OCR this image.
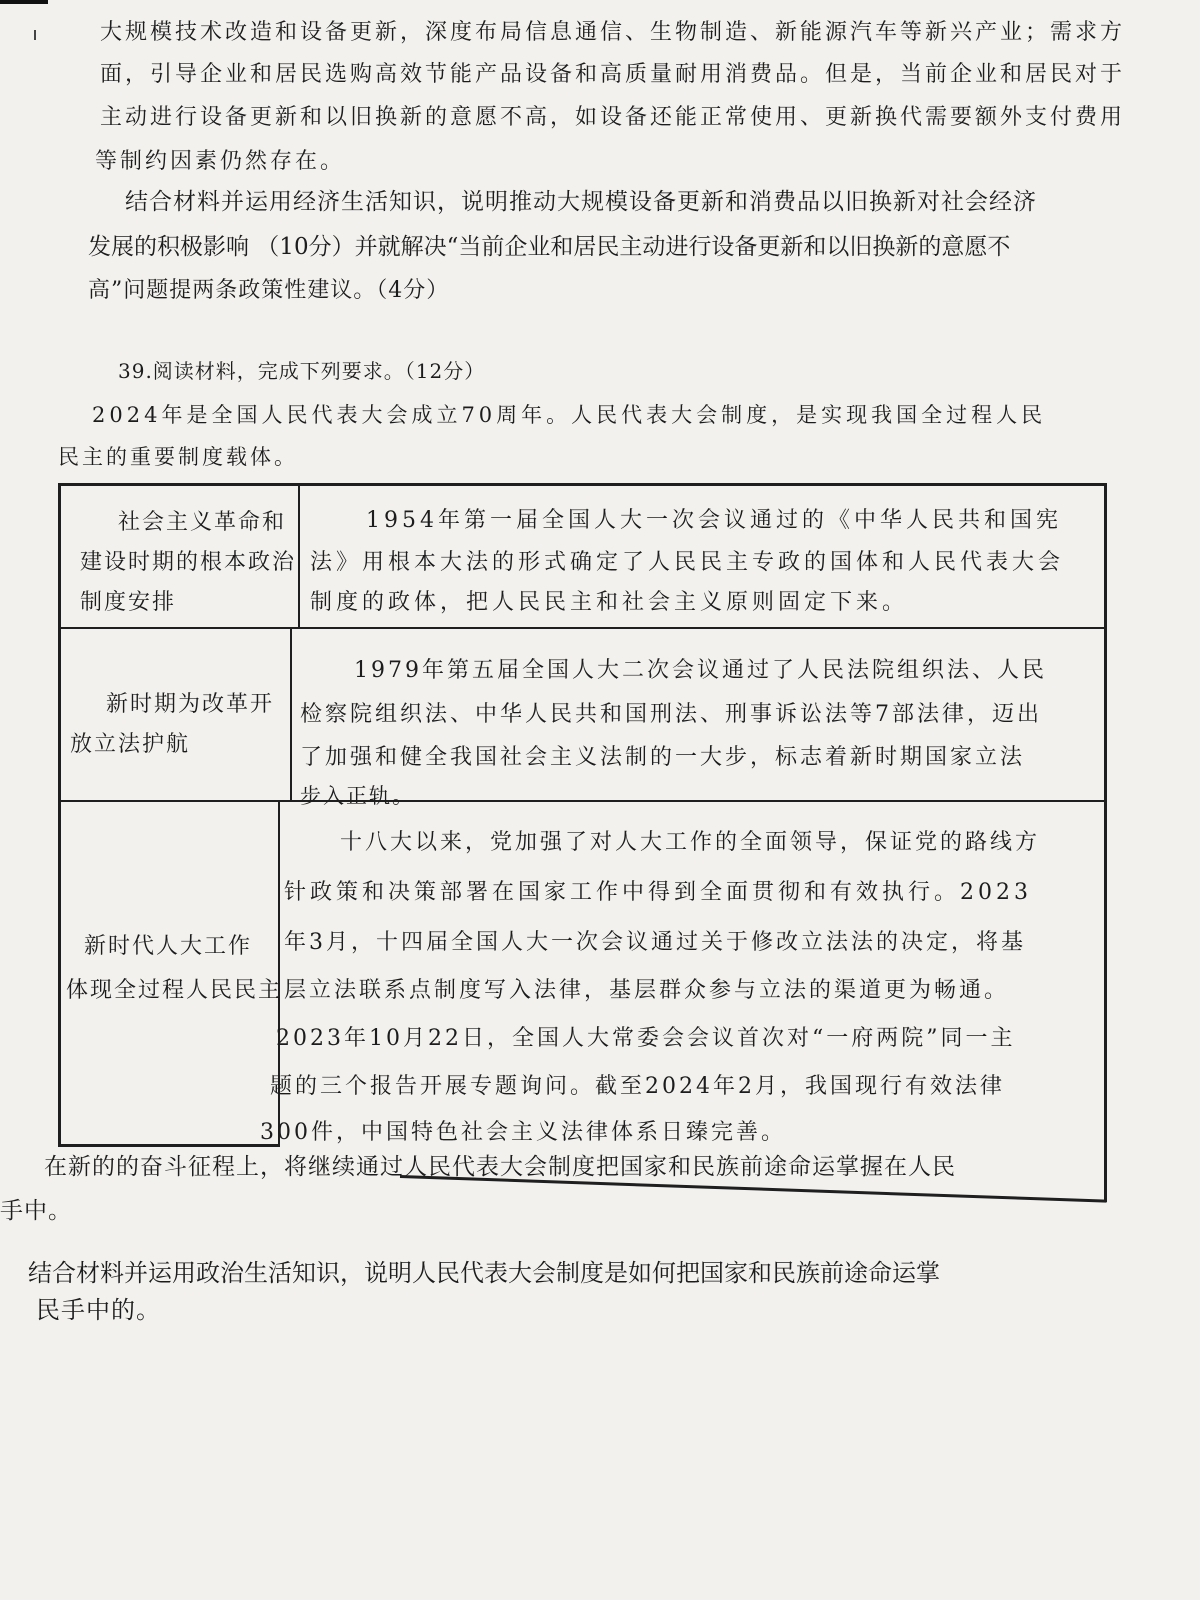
大规模技术改造和设备更新，深度布局信息通信、生物制造、新能源汽车等新兴产业；需求方
面，引导企业和居民选购高效节能产品设备和高质量耐用消费品。但是，当前企业和居民对于
主动进行设备更新和以旧换新的意愿不高，如设备还能正常使用、更新换代需要额外支付费用
等制约因素仍然存在。
结合材料并运用经济生活知识，说明推动大规模设备更新和消费品以旧换新对社会经济
发展的积极影响 （10分）并就解决“当前企业和居民主动进行设备更新和以旧换新的意愿不
高”问题提两条政策性建议。（4分）
39.阅读材料，完成下列要求。（12分）
2024年是全国人民代表大会成立70周年。人民代表大会制度，是实现我国全过程人民
民主的重要制度载体。
社会主义革命和
建设时期的根本政治
制度安排
1954年第一届全国人大一次会议通过的《中华人民共和国宪
法》用根本大法的形式确定了人民民主专政的国体和人民代表大会
制度的政体，把人民民主和社会主义原则固定下来。
新时期为改革开
放立法护航
1979年第五届全国人大二次会议通过了人民法院组织法、人民
检察院组织法、中华人民共和国刑法、刑事诉讼法等7部法律，迈出
了加强和健全我国社会主义法制的一大步，标志着新时期国家立法
步入正轨。
新时代人大工作
体现全过程人民民主
十八大以来，党加强了对人大工作的全面领导，保证党的路线方
针政策和决策部署在国家工作中得到全面贯彻和有效执行。2023
年3月，十四届全国人大一次会议通过关于修改立法法的决定，将基
层立法联系点制度写入法律，基层群众参与立法的渠道更为畅通。
2023年10月22日，全国人大常委会会议首次对“一府两院”同一主
题的三个报告开展专题询问。截至2024年2月，我国现行有效法律
300件，中国特色社会主义法律体系日臻完善。
在新的的奋斗征程上，将继续通过人民代表大会制度把国家和民族前途命运掌握在人民
手中。
结合材料并运用政治生活知识，说明人民代表大会制度是如何把国家和民族前途命运掌
民手中的。
